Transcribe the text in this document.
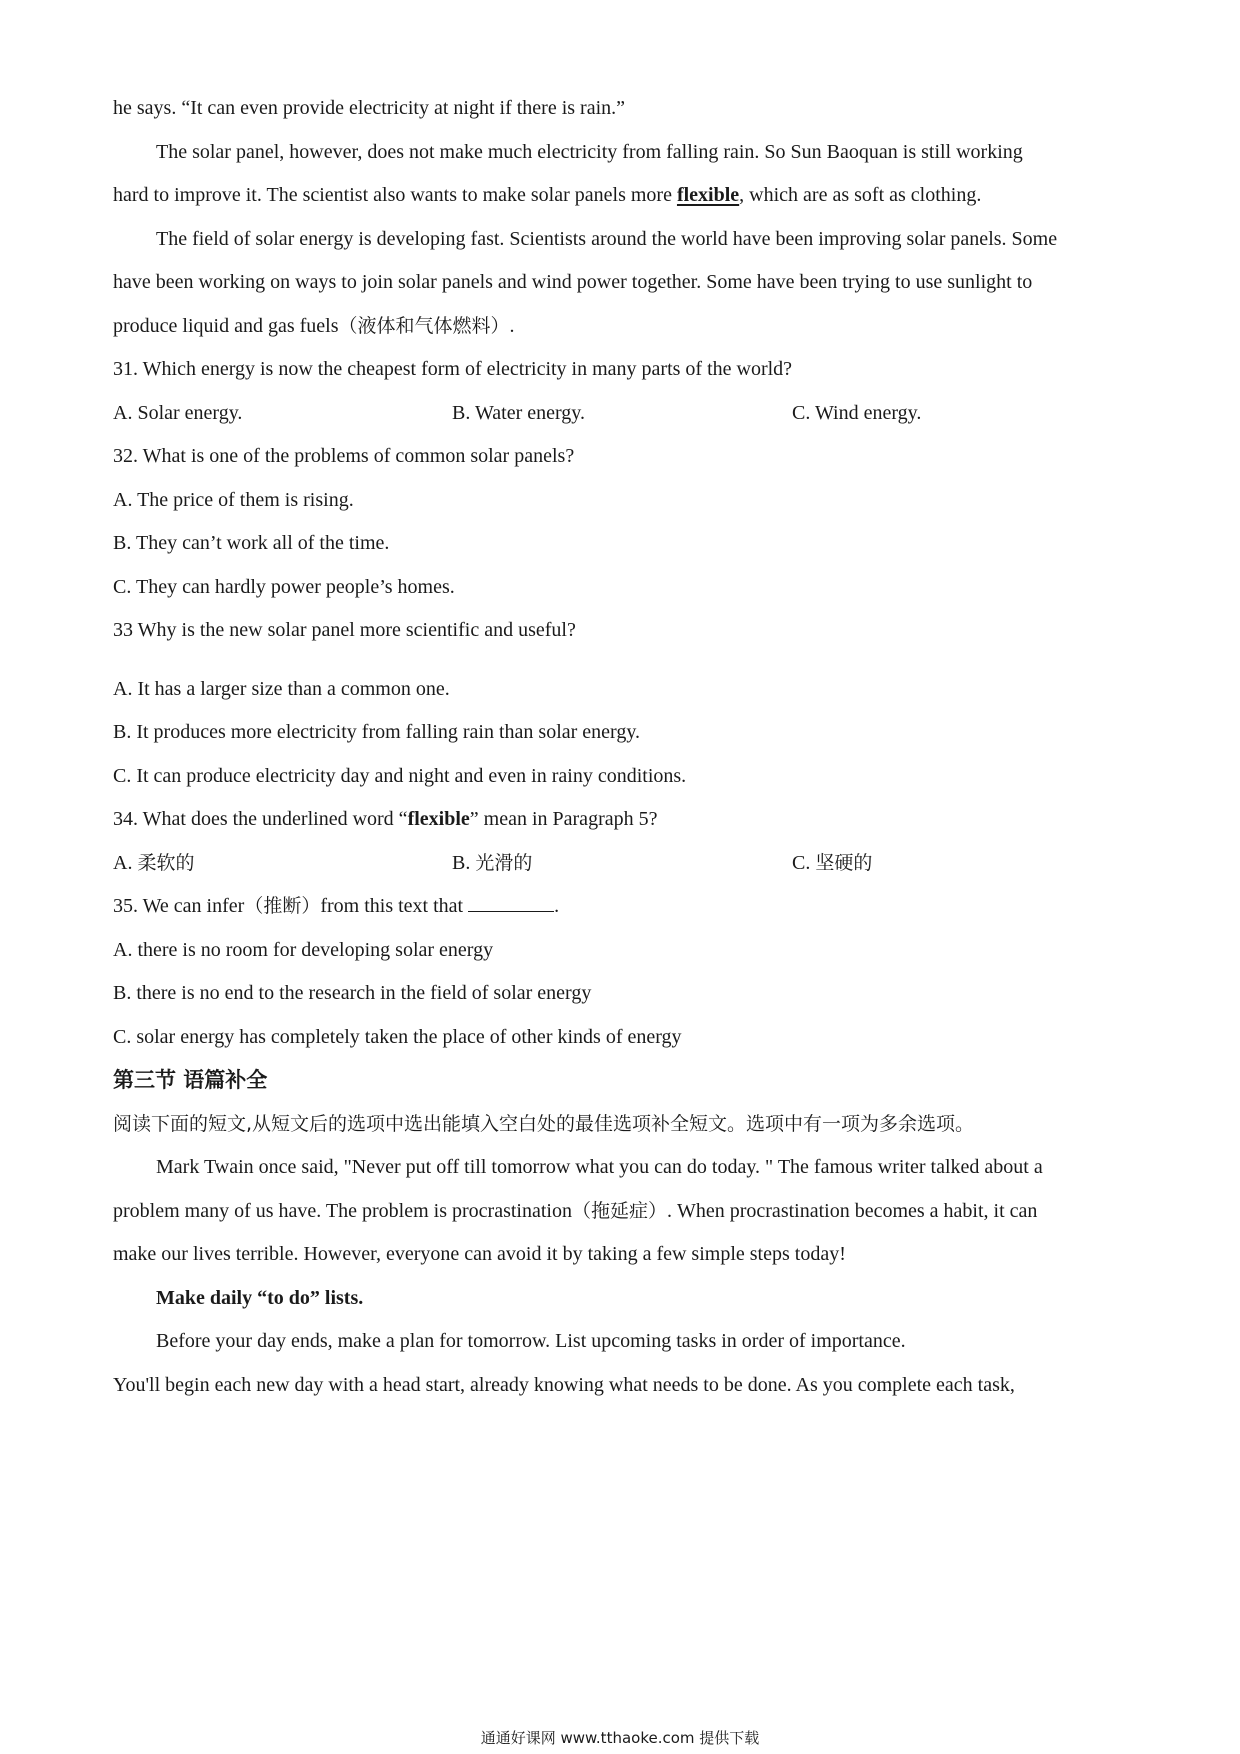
he says. “It can even provide electricity at night if there is rain.”
The solar panel, however, does not make much electricity from falling rain. So Sun Baoquan is still working
hard to improve it. The scientist also wants to make solar panels more flexible, which are as soft as clothing.
The field of solar energy is developing fast. Scientists around the world have been improving solar panels. Some
have been working on ways to join solar panels and wind power together. Some have been trying to use sunlight to
produce liquid and gas fuels（液体和气体燃料）.
31. Which energy is now the cheapest form of electricity in many parts of the world?
A. Solar energy.	B. Water energy.	C. Wind energy.
32. What is one of the problems of common solar panels?
A. The price of them is rising.
B. They can’t work all of the time.
C. They can hardly power people’s homes.
33 Why is the new solar panel more scientific and useful?
A. It has a larger size than a common one.
B. It produces more electricity from falling rain than solar energy.
C. It can produce electricity day and night and even in rainy conditions.
34. What does the underlined word “flexible” mean in Paragraph 5?
A. 柔软的	B. 光滑的	C. 坚硬的
35. We can infer（推断）from this text that	.
A. there is no room for developing solar energy
B. there is no end to the research in the field of solar energy
C. solar energy has completely taken the place of other kinds of energy
第三节 语篇补全
阅读下面的短文,从短文后的选项中选出能填入空白处的最佳选项补全短文。选项中有一项为多余选项。
Mark Twain once said, "Never put off till tomorrow what you can do today. " The famous writer talked about a
problem many of us have. The problem is procrastination（拖延症）. When procrastination becomes a habit, it can
make our lives terrible. However, everyone can avoid it by taking a few simple steps today!
Make daily “to do” lists.
Before your day ends, make a plan for tomorrow. List upcoming tasks in order of importance.
You'll begin each new day with a head start, already knowing what needs to be done. As you complete each task,
通通好课网 www.tthaoke.com 提供下载
